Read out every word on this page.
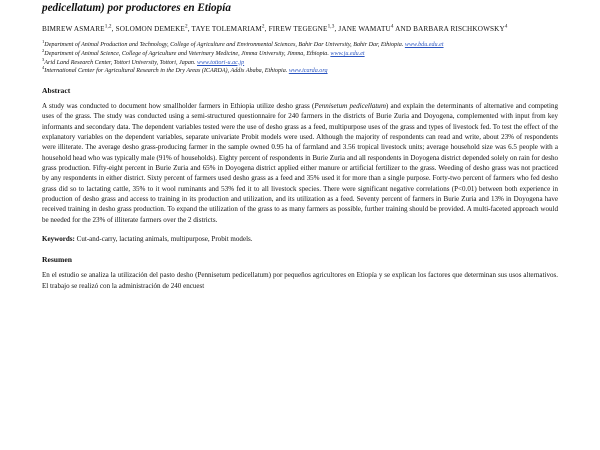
pedicellatum) por productores en Etiopía
BIMREW ASMARE$^{1,2}$, SOLOMON DEMEKE$^2$, TAYE TOLEMARIAM$^2$, FIREW TEGEGNE$^{1,3}$, JANE WAMATU$^4$ AND BARBARA RISCHKOWSKY$^4$
$^1$Department of Animal Production and Technology, College of Agriculture and Environmental Sciences, Bahir Dar University, Bahir Dar, Ethiopia. www.bdu.edu.et
$^2$Department of Animal Science, College of Agriculture and Veterinary Medicine, Jimma University, Jimma, Ethiopia. www.ju.edu.et
$^3$Arid Land Research Center, Tottori University, Tottori, Japan. www.tottori-u.ac.jp
$^4$International Center for Agricultural Research in the Dry Areas (ICARDA), Addis Ababa, Ethiopia. www.icarda.org
Abstract
A study was conducted to document how smallholder farmers in Ethiopia utilize desho grass (Pennisetum pedicellatum) and explain the determinants of alternative and competing uses of the grass. The study was conducted using a semi-structured questionnaire for 240 farmers in the districts of Burie Zuria and Doyogena, complemented with input from key informants and secondary data. The dependent variables tested were the use of desho grass as a feed, multipurpose uses of the grass and types of livestock fed. To test the effect of the explanatory variables on the dependent variables, separate univariate Probit models were used. Although the majority of respondents can read and write, about 23% of respondents were illiterate. The average desho grass-producing farmer in the sample owned 0.95 ha of farmland and 3.56 tropical livestock units; average household size was 6.5 people with a household head who was typically male (91% of households). Eighty percent of respondents in Burie Zuria and all respondents in Doyogena district depended solely on rain for desho grass production. Fifty-eight percent in Burie Zuria and 65% in Doyogena district applied either manure or artificial fertilizer to the grass. Weeding of desho grass was not practiced by any respondents in either district. Sixty percent of farmers used desho grass as a feed and 35% used it for more than a single purpose. Forty-two percent of farmers who fed desho grass did so to lactating cattle, 35% to it wool ruminants and 53% fed it to all livestock species. There were significant negative correlations (P<0.01) between both experience in production of desho grass and access to training in its production and utilization, and its utilization as a feed. Seventy percent of farmers in Burie Zuria and 13% in Doyogena have received training in desho grass production. To expand the utilization of the grass to as many farmers as possible, further training should be provided. A multi-faceted approach would be needed for the 23% of illiterate farmers over the 2 districts.
Keywords: Cut-and-carry, lactating animals, multipurpose, Probit models.
Resumen
En el estudio se analiza la utilización del pasto desho (Pennisetum pedicellatum) por pequeños agricultores en Etiopía y se explican los factores que determinan sus usos alternativos. El trabajo se realizó con la administración de 240 encuest
